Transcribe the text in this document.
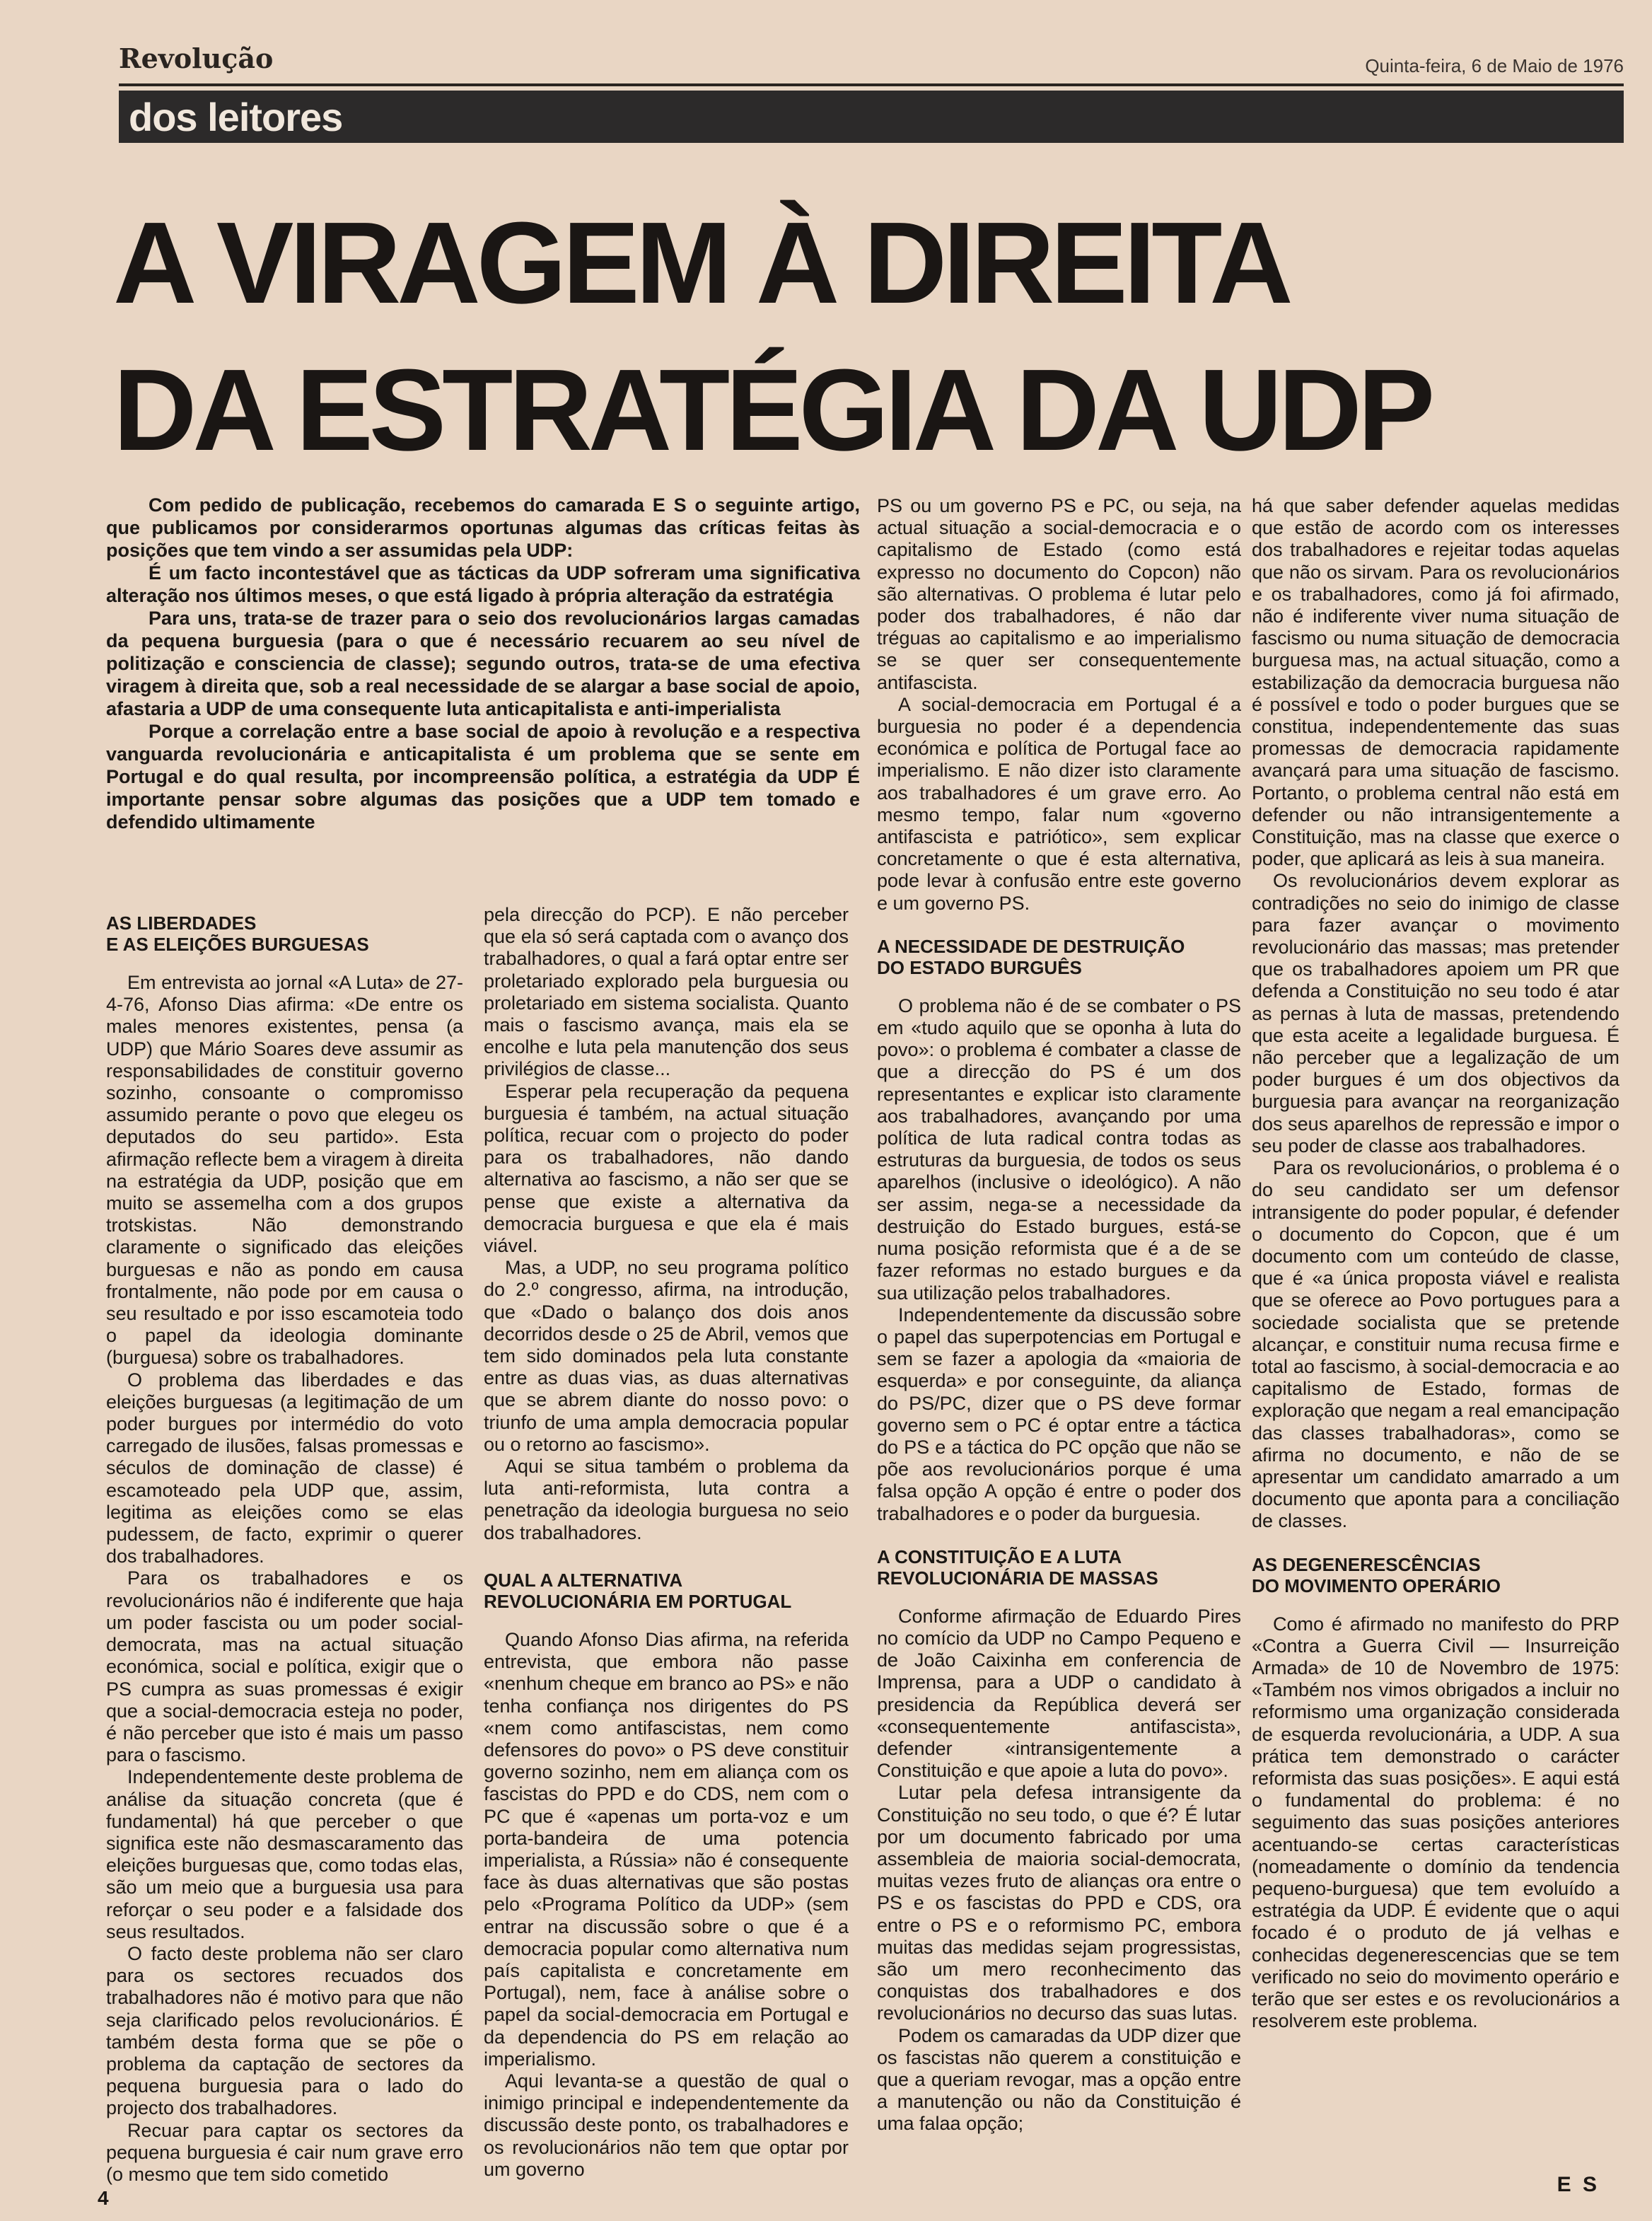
Revolução	Quinta-feira, 6 de Maio de 1976
dos leitores
A VIRAGEM À DIREITA
DA ESTRATÉGIA DA UDP

Com pedido de publicação, recebemos do camarada E S o seguinte artigo, que publicamos por considerarmos oportunas algumas das críticas feitas às posições que tem vindo a ser assumidas pela UDP:

É um facto incontestável que as tácticas da UDP sofreram uma significativa alteração nos últimos meses, o que está ligado à própria alteração da estratégia

Para uns, trata-se de trazer para o seio dos revolucionários largas camadas da pequena burguesia (para o que é necessário recuarem ao seu nível de politização e consciencia de classe); segundo outros, trata-se de uma efectiva viragem à direita que, sob a real necessidade de se alargar a base social de apoio, afastaria a UDP de uma consequente luta anticapitalista e anti-imperialista

Porque a correlação entre a base social de apoio à revolução e a respectiva vanguarda revolucionária e anticapitalista é um problema que se sente em Portugal e do qual resulta, por incompreensão política, a estratégia da UDP É importante pensar sobre algumas das posições que a UDP tem tomado e defendido ultimamente

AS LIBERDADES
E AS ELEIÇÕES BURGUESAS

Em entrevista ao jornal «A Luta» de 27-4-76, Afonso Dias afirma: «De entre os males menores existentes, pensa (a UDP) que Mário Soares deve assumir as responsabilidades de constituir governo sozinho, consoante o compromisso assumido perante o povo que elegeu os deputados do seu partido». Esta afirmação reflecte bem a viragem à direita na estratégia da UDP, posição que em muito se assemelha com a dos grupos trotskistas. Não demonstrando claramente o significado das eleições burguesas e não as pondo em causa frontalmente, não pode por em causa o seu resultado e por isso escamoteia todo o papel da ideologia dominante (burguesa) sobre os trabalhadores.

O problema das liberdades e das eleições burguesas (a legitimação de um poder burgues por intermédio do voto carregado de ilusões, falsas promessas e séculos de dominação de classe) é escamoteado pela UDP que, assim, legitima as eleições como se elas pudessem, de facto, exprimir o querer dos trabalhadores.

Para os trabalhadores e os revolucionários não é indiferente que haja um poder fascista ou um poder social-democrata, mas na actual situação económica, social e política, exigir que o PS cumpra as suas promessas é exigir que a social-democracia esteja no poder, é não perceber que isto é mais um passo para o fascismo.

Independentemente deste problema de análise da situação concreta (que é fundamental) há que perceber o que significa este não desmascaramento das eleições burguesas que, como todas elas, são um meio que a burguesia usa para reforçar o seu poder e a falsidade dos seus resultados.

O facto deste problema não ser claro para os sectores recuados dos trabalhadores não é motivo para que não seja clarificado pelos revolucionários. É também desta forma que se põe o problema da captação de sectores da pequena burguesia para o lado do projecto dos trabalhadores.

Recuar para captar os sectores da pequena burguesia é cair num grave erro (o mesmo que tem sido cometido

pela direcção do PCP). E não perceber que ela só será captada com o avanço dos trabalhadores, o qual a fará optar entre ser proletariado explorado pela burguesia ou proletariado em sistema socialista. Quanto mais o fascismo avança, mais ela se encolhe e luta pela manutenção dos seus privilégios de classe...

Esperar pela recuperação da pequena burguesia é também, na actual situação política, recuar com o projecto do poder para os trabalhadores, não dando alternativa ao fascismo, a não ser que se pense que existe a alternativa da democracia burguesa e que ela é mais viável.

Mas, a UDP, no seu programa político do 2.º congresso, afirma, na introdução, que «Dado o balanço dos dois anos decorridos desde o 25 de Abril, vemos que tem sido dominados pela luta constante entre as duas vias, as duas alternativas que se abrem diante do nosso povo: o triunfo de uma ampla democracia popular ou o retorno ao fascismo».

Aqui se situa também o problema da luta anti-reformista, luta contra a penetração da ideologia burguesa no seio dos trabalhadores.

QUAL A ALTERNATIVA
REVOLUCIONÁRIA EM PORTUGAL

Quando Afonso Dias afirma, na referida entrevista, que embora não passe «nenhum cheque em branco ao PS» e não tenha confiança nos dirigentes do PS «nem como antifascistas, nem como defensores do povo» o PS deve constituir governo sozinho, nem em aliança com os fascistas do PPD e do CDS, nem com o PC que é «apenas um porta-voz e um porta-bandeira de uma potencia imperialista, a Rússia» não é consequente face às duas alternativas que são postas pelo «Programa Político da UDP» (sem entrar na discussão sobre o que é a democracia popular como alternativa num país capitalista e concretamente em Portugal), nem, face à análise sobre o papel da social-democracia em Portugal e da dependencia do PS em relação ao imperialismo.

Aqui levanta-se a questão de qual o inimigo principal e independentemente da discussão deste ponto, os trabalhadores e os revolucionários não tem que optar por um governo

PS ou um governo PS e PC, ou seja, na actual situação a social-democracia e o capitalismo de Estado (como está expresso no documento do Copcon) não são alternativas. O problema é lutar pelo poder dos trabalhadores, é não dar tréguas ao capitalismo e ao imperialismo se se quer ser consequentemente antifascista.

A social-democracia em Portugal é a burguesia no poder é a dependencia económica e política de Portugal face ao imperialismo. E não dizer isto claramente aos trabalhadores é um grave erro. Ao mesmo tempo, falar num «governo antifascista e patriótico», sem explicar concretamente o que é esta alternativa, pode levar à confusão entre este governo e um governo PS.

A NECESSIDADE DE DESTRUIÇÃO
DO ESTADO BURGUÊS

O problema não é de se combater o PS em «tudo aquilo que se oponha à luta do povo»: o problema é combater a classe de que a direcção do PS é um dos representantes e explicar isto claramente aos trabalhadores, avançando por uma política de luta radical contra todas as estruturas da burguesia, de todos os seus aparelhos (inclusive o ideológico). A não ser assim, nega-se a necessidade da destruição do Estado burgues, está-se numa posição reformista que é a de se fazer reformas no estado burgues e da sua utilização pelos trabalhadores.

Independentemente da discussão sobre o papel das superpotencias em Portugal e sem se fazer a apologia da «maioria de esquerda» e por conseguinte, da aliança do PS/PC, dizer que o PS deve formar governo sem o PC é optar entre a táctica do PS e a táctica do PC opção que não se põe aos revolucionários porque é uma falsa opção A opção é entre o poder dos trabalhadores e o poder da burguesia.

A CONSTITUIÇÃO E A LUTA
REVOLUCIONÁRIA DE MASSAS

Conforme afirmação de Eduardo Pires no comício da UDP no Campo Pequeno e de João Caixinha em conferencia de Imprensa, para a UDP o candidato à presidencia da República deverá ser «consequentemente antifascista», defender «intransigentemente a Constituição e que apoie a luta do povo».

Lutar pela defesa intransigente da Constituição no seu todo, o que é? É lutar por um documento fabricado por uma assembleia de maioria social-democrata, muitas vezes fruto de alianças ora entre o PS e os fascistas do PPD e CDS, ora entre o PS e o reformismo PC, embora muitas das medidas sejam progressistas, são um mero reconhecimento das conquistas dos trabalhadores e dos revolucionários no decurso das suas lutas.

Podem os camaradas da UDP dizer que os fascistas não querem a constituição e que a queriam revogar, mas a opção entre a manutenção ou não da Constituição é uma falaa opção;

há que saber defender aquelas medidas que estão de acordo com os interesses dos trabalhadores e rejeitar todas aquelas que não os sirvam. Para os revolucionários e os trabalhadores, como já foi afirmado, não é indiferente viver numa situação de fascismo ou numa situação de democracia burguesa mas, na actual situação, como a estabilização da democracia burguesa não é possível e todo o poder burgues que se constitua, independentemente das suas promessas de democracia rapidamente avançará para uma situação de fascismo. Portanto, o problema central não está em defender ou não intransigentemente a Constituição, mas na classe que exerce o poder, que aplicará as leis à sua maneira.

Os revolucionários devem explorar as contradições no seio do inimigo de classe para fazer avançar o movimento revolucionário das massas; mas pretender que os trabalhadores apoiem um PR que defenda a Constituição no seu todo é atar as pernas à luta de massas, pretendendo que esta aceite a legalidade burguesa. É não perceber que a legalização de um poder burgues é um dos objectivos da burguesia para avançar na reorganização dos seus aparelhos de repressão e impor o seu poder de classe aos trabalhadores.

Para os revolucionários, o problema é o do seu candidato ser um defensor intransigente do poder popular, é defender o documento do Copcon, que é um documento com um conteúdo de classe, que é «a única proposta viável e realista que se oferece ao Povo portugues para a sociedade socialista que se pretende alcançar, e constituir numa recusa firme e total ao fascismo, à social-democracia e ao capitalismo de Estado, formas de exploração que negam a real emancipação das classes trabalhadoras», como se afirma no documento, e não de se apresentar um candidato amarrado a um documento que aponta para a conciliação de classes.

AS DEGENERESCÊNCIAS
DO MOVIMENTO OPERÁRIO

Como é afirmado no manifesto do PRP «Contra a Guerra Civil — Insurreição Armada» de 10 de Novembro de 1975: «Também nos vimos obrigados a incluir no reformismo uma organização considerada de esquerda revolucionária, a UDP. A sua prática tem demonstrado o carácter reformista das suas posições». E aqui está o fundamental do problema: é no seguimento das suas posições anteriores acentuando-se certas características (nomeadamente o domínio da tendencia pequeno-burguesa) que tem evoluído a estratégia da UDP. É evidente que o aqui focado é o produto de já velhas e conhecidas degenerescencias que se tem verificado no seio do movimento operário e terão que ser estes e os revolucionários a resolverem este problema.

E S
4
